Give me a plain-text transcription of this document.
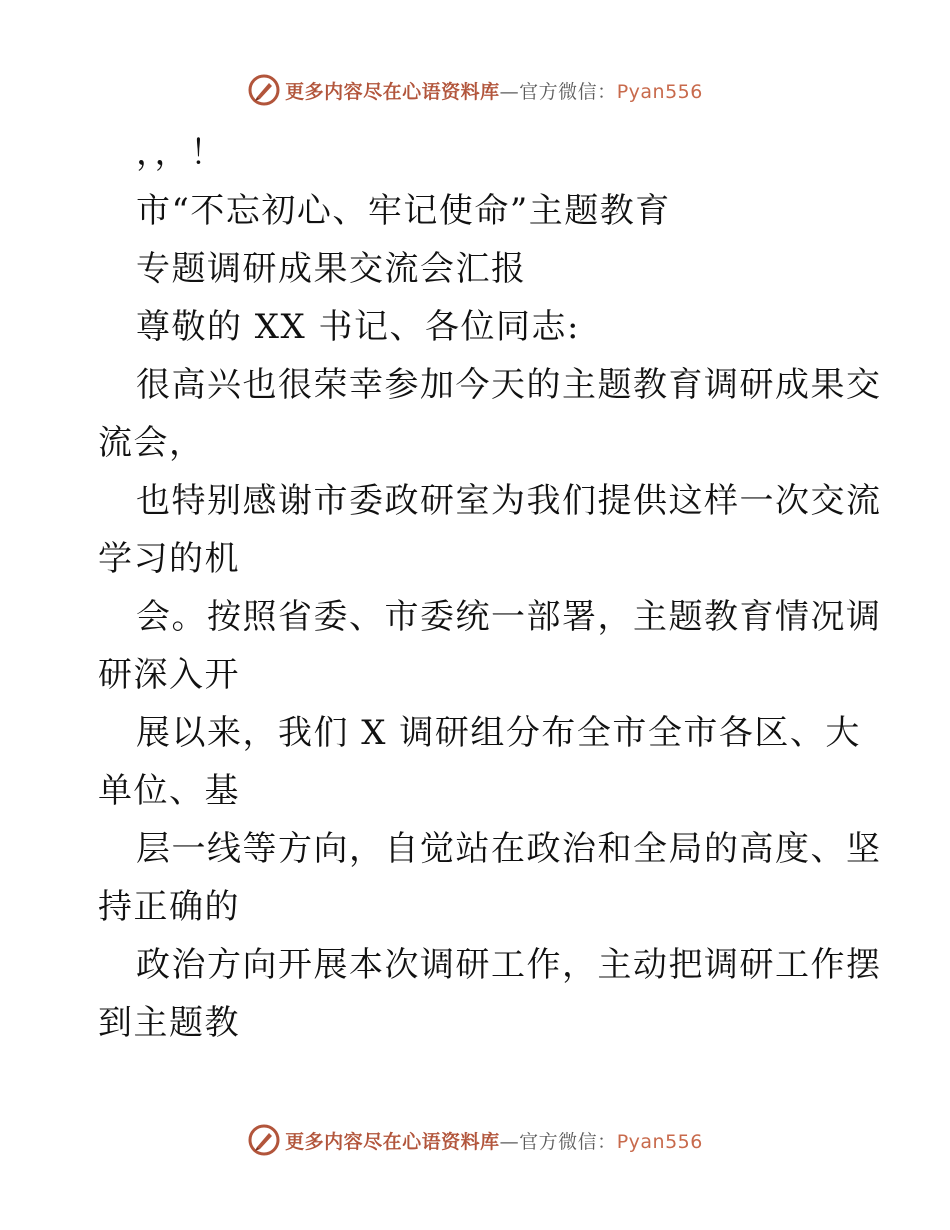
更多内容尽在心语资料库—官方微信：Pyan556
，，！
市“不忘初心、牢记使命”主题教育
专题调研成果交流会汇报
尊敬的 XX 书记、各位同志:
很高兴也很荣幸参加今天的主题教育调研成果交
流会，
也特别感谢市委政研室为我们提供这样一次交流
学习的机
会。按照省委、市委统一部署，主题教育情况调
研深入开
展以来，我们 X 调研组分布全市全市各区、大
单位、基
层一线等方向，自觉站在政治和全局的高度、坚
持正确的
政治方向开展本次调研工作，主动把调研工作摆
到主题教
更多内容尽在心语资料库—官方微信：Pyan556
